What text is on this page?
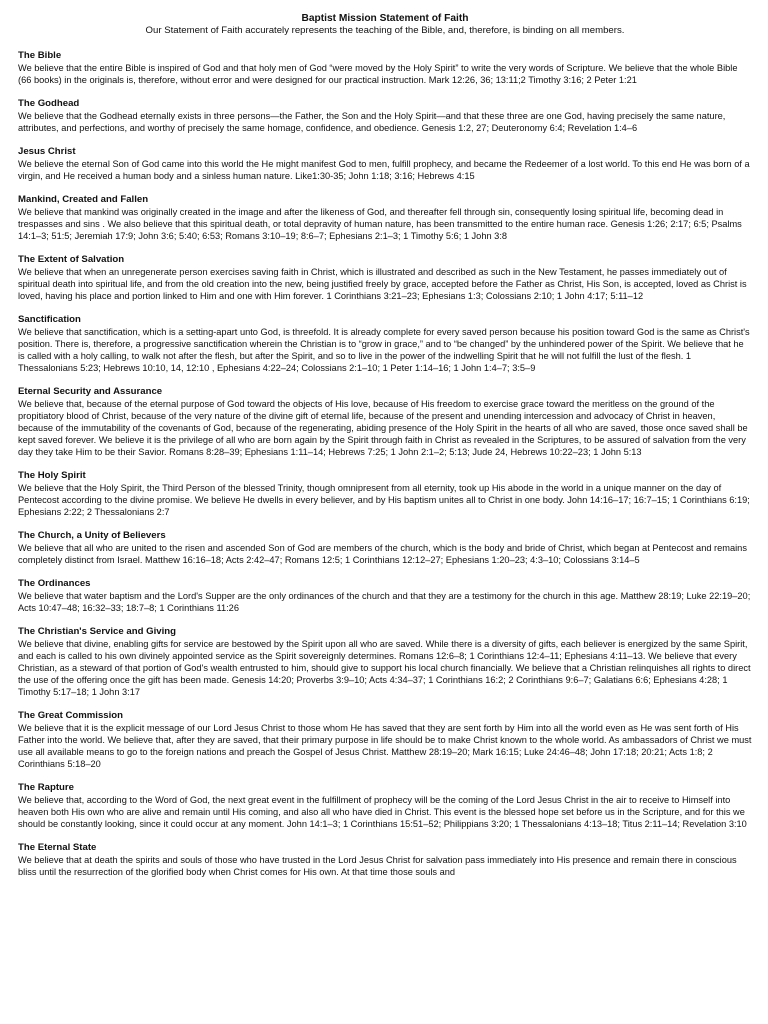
Baptist Mission Statement of Faith
Our Statement of Faith accurately represents the teaching of the Bible, and, therefore, is binding on all members.
The Bible

We believe that the entire Bible is inspired of God and that holy men of God “were moved by the Holy Spirit” to write the very words of Scripture. We believe that the whole Bible (66 books) in the originals is, therefore, without error and were designed for our practical instruction. Mark 12:26, 36; 13:11;2 Timothy 3:16; 2 Peter 1:21

The Godhead

We believe that the Godhead eternally exists in three persons—the Father, the Son and the Holy Spirit—and that these three are one God, having precisely the same nature, attributes, and perfections, and worthy of precisely the same homage, confidence, and obedience. Genesis 1:2, 27; Deuteronomy 6:4; Revelation 1:4–6

Jesus Christ

We believe the eternal Son of God came into this world the He might manifest God to men, fulfill prophecy, and became the Redeemer of a lost world. To this end He was born of a virgin, and He received a human body and a sinless human nature. Like1:30-35; John 1:18; 3:16; Hebrews 4:15

Mankind, Created and Fallen

We believe that mankind was originally created in the image and after the likeness of God, and thereafter fell through sin, consequently losing spiritual life, becoming dead in trespasses and sins . We also believe that this spiritual death, or total depravity of human nature, has been transmitted to the entire human race. Genesis 1:26; 2:17; 6:5; Psalms 14:1–3; 51:5; Jeremiah 17:9; John 3:6; 5:40; 6:53; Romans 3:10–19; 8:6–7; Ephesians 2:1–3; 1 Timothy 5:6; 1 John 3:8

The Extent of Salvation

We believe that when an unregenerate person exercises saving faith in Christ, which is illustrated and described as such in the New Testament, he passes immediately out of spiritual death into spiritual life, and from the old creation into the new, being justified freely by grace, accepted before the Father as Christ, His Son, is accepted, loved as Christ is loved, having his place and portion linked to Him and one with Him forever. 1 Corinthians 3:21–23; Ephesians 1:3; Colossians 2:10; 1 John 4:17; 5:11–12

Sanctification

We believe that sanctification, which is a setting-apart unto God, is threefold. It is already complete for every saved person because his position toward God is the same as Christ's position. There is, therefore, a progressive sanctification wherein the Christian is to “grow in grace,” and to “be changed” by the unhindered power of the Spirit. We believe that he is called with a holy calling, to walk not after the flesh, but after the Spirit, and so to live in the power of the indwelling Spirit that he will not fulfill the lust of the flesh. 1 Thessalonians 5:23; Hebrews 10:10, 14, 12:10 , Ephesians 4:22–24; Colossians 2:1–10; 1 Peter 1:14–16; 1 John 1:4–7; 3:5–9

Eternal Security and Assurance

We believe that, because of the eternal purpose of God toward the objects of His love, because of His freedom to exercise grace toward the meritless on the ground of the propitiatory blood of Christ, because of the very nature of the divine gift of eternal life, because of the present and unending intercession and advocacy of Christ in heaven, because of the immutability of the covenants of God, because of the regenerating, abiding presence of the Holy Spirit in the hearts of all who are saved, those once saved shall be kept saved forever. We believe it is the privilege of all who are born again by the Spirit through faith in Christ as revealed in the Scriptures, to be assured of salvation from the very day they take Him to be their Savior. Romans 8:28–39; Ephesians 1:11–14; Hebrews 7:25; 1 John 2:1–2; 5:13; Jude 24, Hebrews 10:22–23; 1 John 5:13

The Holy Spirit

We believe that the Holy Spirit, the Third Person of the blessed Trinity, though omnipresent from all eternity, took up His abode in the world in a unique manner on the day of Pentecost according to the divine promise. We believe He dwells in every believer, and by His baptism unites all to Christ in one body. John 14:16–17; 16:7–15; 1 Corinthians 6:19; Ephesians 2:22; 2 Thessalonians 2:7

The Church, a Unity of Believers

We believe that all who are united to the risen and ascended Son of God are members of the church, which is the body and bride of Christ, which began at Pentecost and remains completely distinct from Israel. Matthew 16:16–18; Acts 2:42–47; Romans 12:5; 1 Corinthians 12:12–27; Ephesians 1:20–23; 4:3–10; Colossians 3:14–5

The Ordinances

We believe that water baptism and the Lord's Supper are the only ordinances of the church and that they are a testimony for the church in this age. Matthew 28:19; Luke 22:19–20; Acts 10:47–48; 16:32–33; 18:7–8; 1 Corinthians 11:26

The Christian's Service and Giving

We believe that divine, enabling gifts for service are bestowed by the Spirit upon all who are saved. While there is a diversity of gifts, each believer is energized by the same Spirit, and each is called to his own divinely appointed service as the Spirit sovereignly determines. Romans 12:6–8; 1 Corinthians 12:4–11; Ephesians 4:11–13. We believe that every Christian, as a steward of that portion of God's wealth entrusted to him, should give to support his local church financially. We believe that a Christian relinquishes all rights to direct the use of the offering once the gift has been made. Genesis 14:20; Proverbs 3:9–10; Acts 4:34–37; 1 Corinthians 16:2; 2 Corinthians 9:6–7; Galatians 6:6; Ephesians 4:28; 1 Timothy 5:17–18; 1 John 3:17

The Great Commission

We believe that it is the explicit message of our Lord Jesus Christ to those whom He has saved that they are sent forth by Him into all the world even as He was sent forth of His Father into the world. We believe that, after they are saved, that their primary purpose in life should be to make Christ known to the whole world. As ambassadors of Christ we must use all available means to go to the foreign nations and preach the Gospel of Jesus Christ. Matthew 28:19–20; Mark 16:15; Luke 24:46–48; John 17:18; 20:21; Acts 1:8; 2 Corinthians 5:18–20

The Rapture

We believe that, according to the Word of God, the next great event in the fulfillment of prophecy will be the coming of the Lord Jesus Christ in the air to receive to Himself into heaven both His own who are alive and remain until His coming, and also all who have died in Christ. This event is the blessed hope set before us in the Scripture, and for this we should be constantly looking, since it could occur at any moment. John 14:1–3; 1 Corinthians 15:51–52; Philippians 3:20; 1 Thessalonians 4:13–18; Titus 2:11–14; Revelation 3:10

The Eternal State

We believe that at death the spirits and souls of those who have trusted in the Lord Jesus Christ for salvation pass immediately into His presence and remain there in conscious bliss until the resurrection of the glorified body when Christ comes for His own. At that time those souls and
